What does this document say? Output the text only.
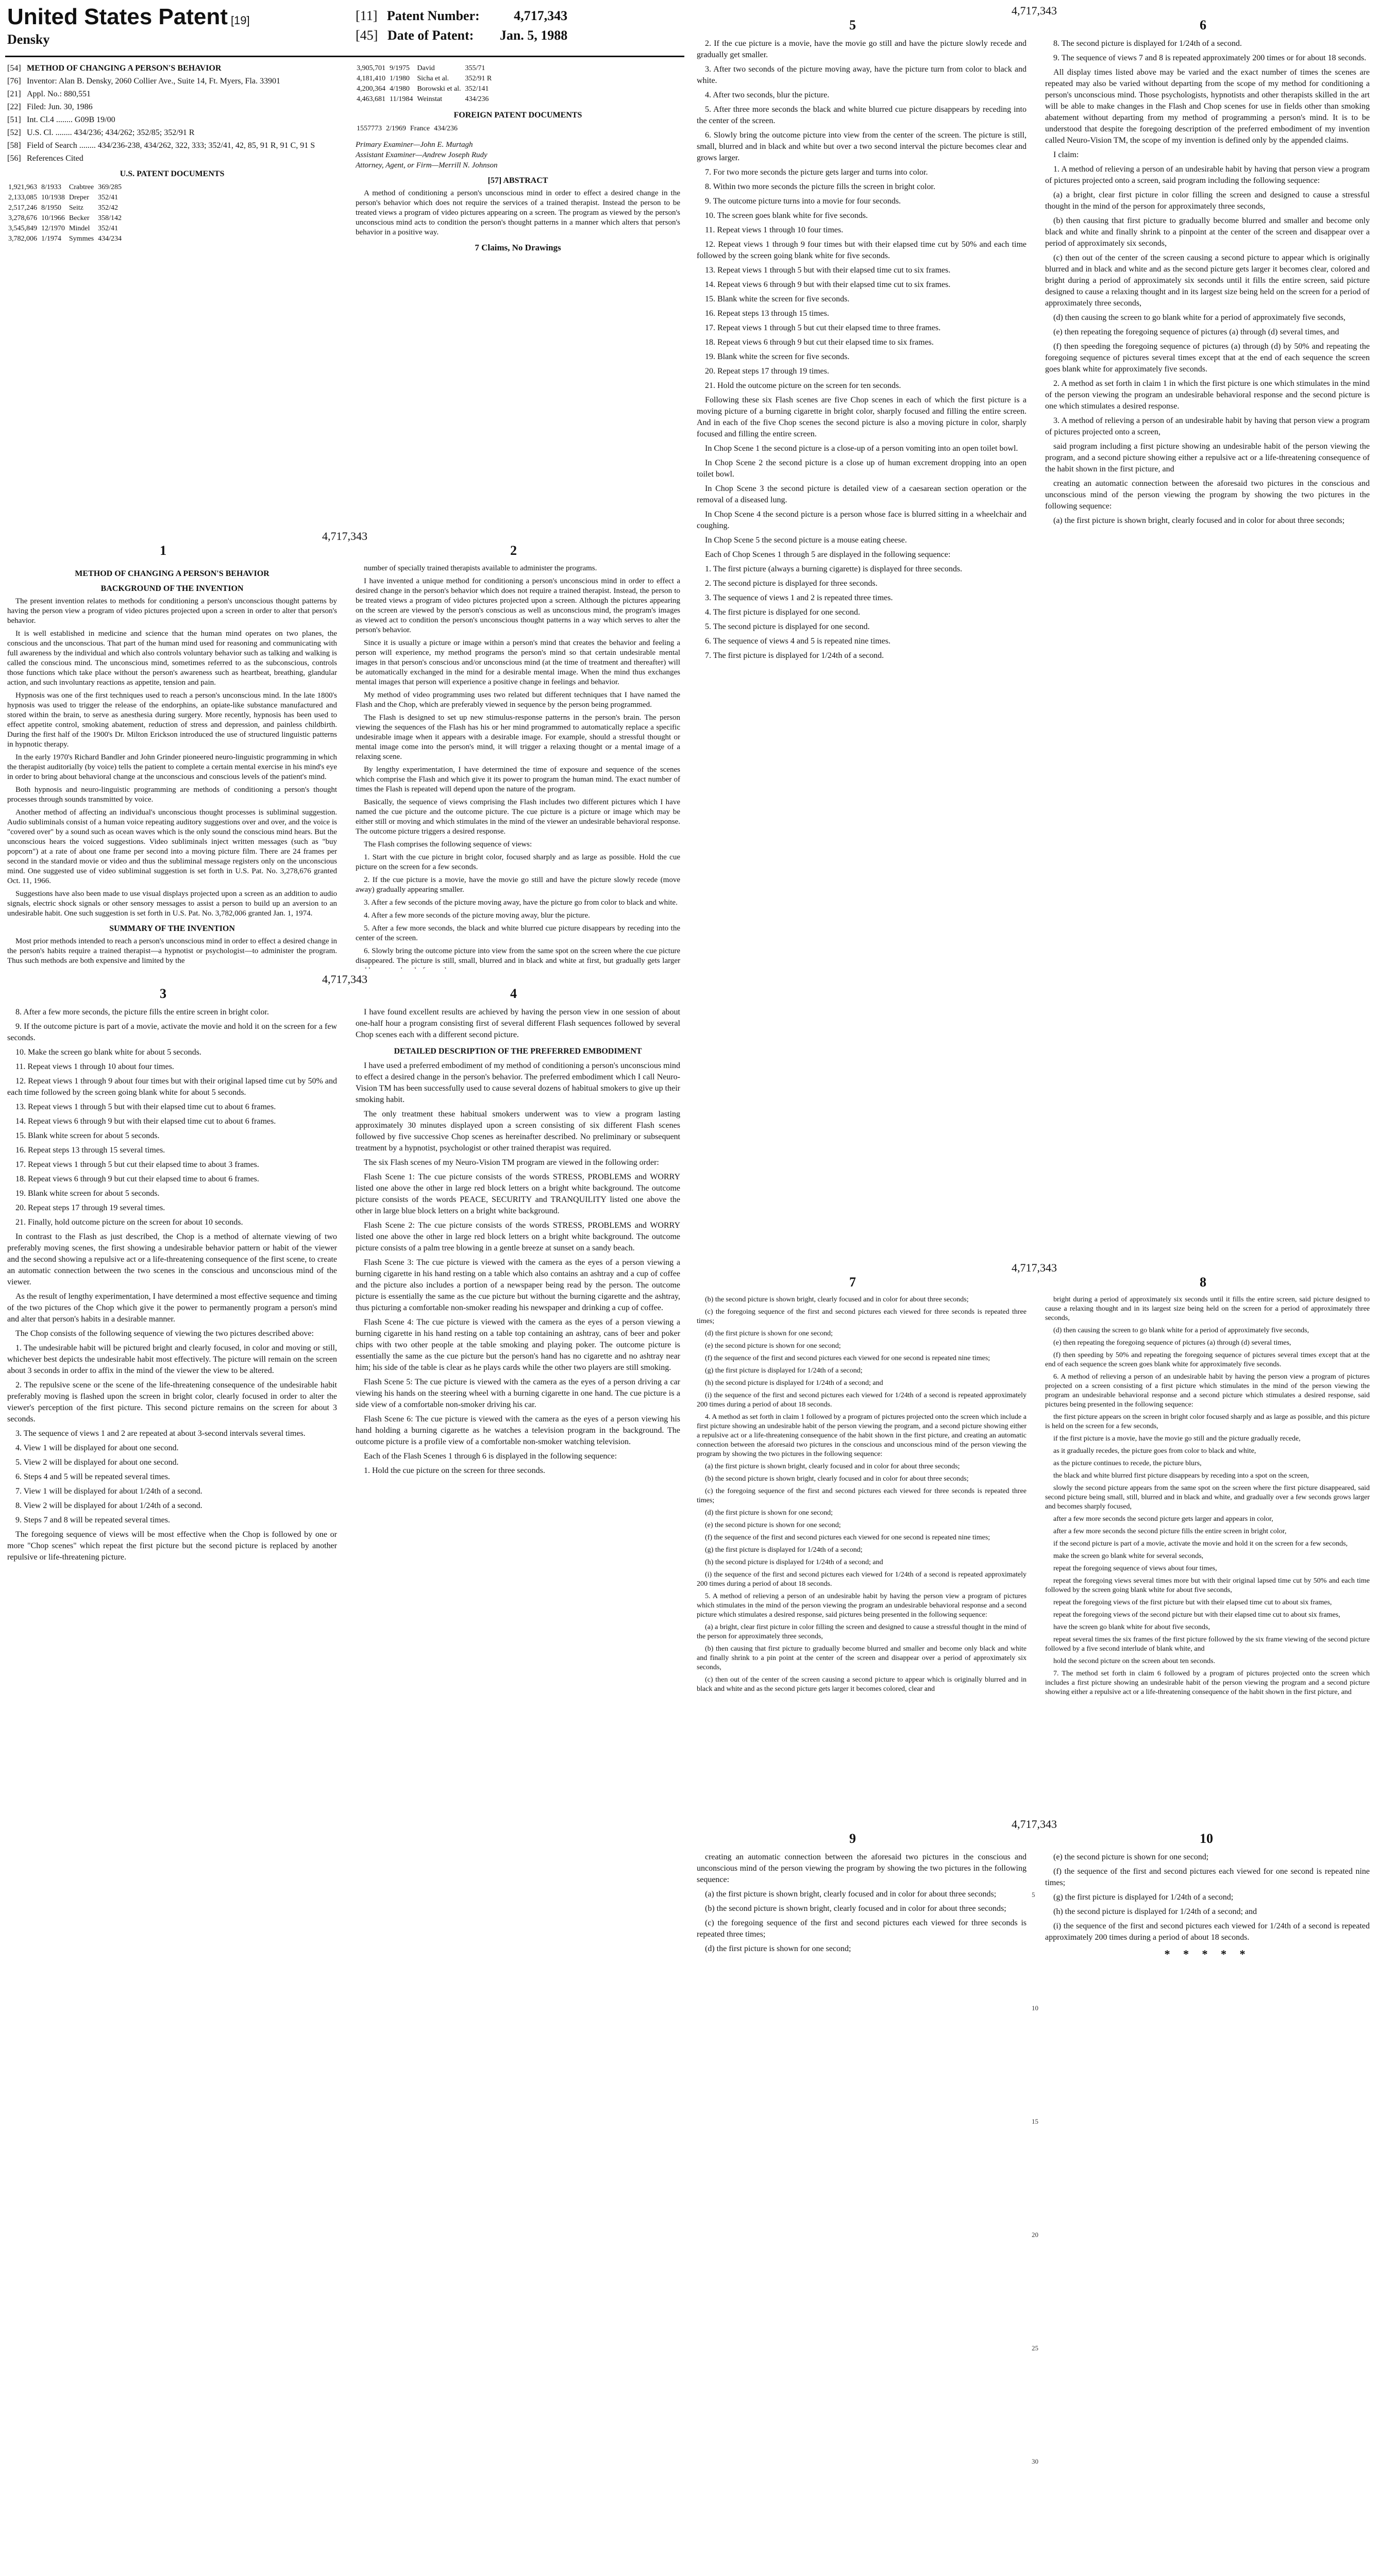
United States Patent [19]
Densky
[11] Patent Number:	4,717,343
[45] Date of Patent: Jan. 5, 1988
[54] METHOD OF CHANGING A PERSON'S BEHAVIOR
[76] Inventor: Alan B. Densky, 2060 Collier Ave., Suite 14, Ft. Myers, Fla. 33901
[21] Appl. No.: 880,551
[22] Filed: Jun. 30, 1986
[51] Int. Cl.4 ........ G09B 19/00
[52] U.S. Cl. ........ 434/236; 434/262; 352/85; 352/91 R
[58] Field of Search ........ 434/236-238, 434/262, 322, 333; 352/41, 42, 85, 91 R, 91 C, 91 S
[56] References Cited
U.S. PATENT DOCUMENTS
1,921,963	8/1933	Crabtree	369/285
2,133,085	10/1938	Dreper	352/41
2,517,246	8/1950	Seitz	352/42
3,278,676	10/1966	Becker	358/142
3,545,849	12/1970	Mindel	352/41
3,782,006	1/1974	Symmes	434/234
3,905,701	9/1975	David	355/71
4,181,410	1/1980	Sicha et al.	352/91 R
4,200,364	4/1980	Borowski et al.	352/141
4,463,681	11/1984	Weinstat	434/236
FOREIGN PATENT DOCUMENTS
1557773	2/1969	France	434/236
Primary Examiner—John E. Murtagh
Assistant Examiner—Andrew Joseph Rudy
Attorney, Agent, or Firm—Merrill N. Johnson
[57] ABSTRACT

A method of conditioning a person's unconscious mind in order to effect a desired change in the person's behavior which does not require the services of a trained therapist. Instead the person to be treated views a program of video pictures appearing on a screen. The program as viewed by the person's unconscious mind acts to condition the person's thought patterns in a manner which alters that person's behavior in a positive way.

7 Claims, No Drawings
4,717,343
1	2
METHOD OF CHANGING A PERSON'S BEHAVIOR
BACKGROUND OF THE INVENTION

The present invention relates to methods for conditioning a person's unconscious thought patterns by having the person view a program of video pictures projected upon a screen in order to alter that person's behavior.

It is well established in medicine and science that the human mind operates on two planes, the conscious and the unconscious. That part of the human mind used for reasoning and communicating with full awareness by the individual and which also controls voluntary behavior such as talking and walking is called the conscious mind. The unconscious mind, sometimes referred to as the subconscious, controls those functions which take place without the person's awareness such as heartbeat, breathing, glandular action, and such involuntary reactions as appetite, tension and pain.

Hypnosis was one of the first techniques used to reach a person's unconscious mind. In the late 1800's hypnosis was used to trigger the release of the endorphins, an opiate-like substance manufactured and stored within the brain, to serve as anesthesia during surgery. More recently, hypnosis has been used to effect appetite control, smoking abatement, reduction of stress and depression, and painless childbirth. During the first half of the 1900's Dr. Milton Erickson introduced the use of structured linguistic patterns in hypnotic therapy.

In the early 1970's Richard Bandler and John Grinder pioneered neuro-linguistic programming in which the therapist auditorially (by voice) tells the patient to complete a certain mental exercise in his mind's eye in order to bring about behavioral change at the unconscious and conscious levels of the patient's mind.

Both hypnosis and neuro-linguistic programming are methods of conditioning a person's thought processes through sounds transmitted by voice.

Another method of affecting an individual's unconscious thought processes is subliminal suggestion. Audio subliminals consist of a human voice repeating auditory suggestions over and over, and the voice is "covered over" by a sound such as ocean waves which is the only sound the conscious mind hears. But the unconscious hears the voiced suggestions. Video subliminals inject written messages (such as "buy popcorn") at a rate of about one frame per second into a moving picture film. There are 24 frames per second in the standard movie or video and thus the subliminal message registers only on the unconscious mind. One suggested use of video subliminal suggestion is set forth in U.S. Pat. No. 3,278,676 granted Oct. 11, 1966.

Suggestions have also been made to use visual displays projected upon a screen as an addition to audio signals, electric shock signals or other sensory messages to assist a person to build up an aversion to an undesirable habit. One such suggestion is set forth in U.S. Pat. No. 3,782,006 granted Jan. 1, 1974.

SUMMARY OF THE INVENTION

Most prior methods intended to reach a person's unconscious mind in order to effect a desired change in the person's habits require a trained therapist—a hypnotist or psychologist—to administer the program. Thus such methods are both expensive and limited by the

number of specially trained therapists available to administer the programs.

I have invented a unique method for conditioning a person's unconscious mind in order to effect a desired change in the person's behavior which does not require a trained therapist. Instead, the person to be treated views a program of video pictures projected upon a screen. Although the pictures appearing on the screen are viewed by the person's conscious as well as unconscious mind, the program's images as viewed act to condition the person's unconscious thought patterns in a way which serves to alter the person's behavior.

Since it is usually a picture or image within a person's mind that creates the behavior and feeling a person will experience, my method programs the person's mind so that certain undesirable mental images in that person's conscious and/or unconscious mind (at the time of treatment and thereafter) will be automatically exchanged in the mind for a desirable mental image. When the mind thus exchanges mental images that person will experience a positive change in feelings and behavior.

My method of video programming uses two related but different techniques that I have named the Flash and the Chop, which are preferably viewed in sequence by the person being programmed.

The Flash is designed to set up new stimulus-response patterns in the person's brain. The person viewing the sequences of the Flash has his or her mind programmed to automatically replace a specific undesirable image when it appears with a desirable image. For example, should a stressful thought or mental image come into the person's mind, it will trigger a relaxing thought or a mental image of a relaxing scene.

By lengthy experimentation, I have determined the time of exposure and sequence of the scenes which comprise the Flash and which give it its power to program the human mind. The exact number of times the Flash is repeated will depend upon the nature of the program.

Basically, the sequence of views comprising the Flash includes two different pictures which I have named the cue picture and the outcome picture. The cue picture is a picture or image which may be either still or moving and which stimulates in the mind of the viewer an undesirable behavioral response. The outcome picture triggers a desired response.

The Flash comprises the following sequence of views:

1. Start with the cue picture in bright color, focused sharply and as large as possible. Hold the cue picture on the screen for a few seconds.

2. If the cue picture is a movie, have the movie go still and have the picture slowly recede (move away) gradually appearing smaller.

3. After a few seconds of the picture moving away, have the picture go from color to black and white.

4. After a few more seconds of the picture moving away, blur the picture.

5. After a few more seconds, the black and white blurred cue picture disappears by receding into the center of the screen.

6. Slowly bring the outcome picture into view from the same spot on the screen where the cue picture disappeared. The picture is still, small, blurred and in black and white at first, but gradually gets larger

4,717,343
3	4

8. After a few more seconds, the picture fills the entire screen in bright color.

9. If the outcome picture is part of a movie, activate the movie and hold it on the screen for a few seconds.

10. Make the screen go blank white for about 5 seconds.

11. Repeat views 1 through 10 about four times.

12. Repeat views 1 through 9 about four times but with their original lapsed time cut by 50% and each time followed by the screen going blank white for about 5 seconds.

13. Repeat views 1 through 5 but with their elapsed time cut to about 6 frames.

14. Repeat views 6 through 9 but with their elapsed time cut to about 6 frames.

15. Blank white screen for about 5 seconds.

16. Repeat steps 13 through 15 several times.

17. Repeat views 1 through 5 but cut their elapsed time to about 3 frames.

18. Repeat views 6 through 9 but cut their elapsed time to about 6 frames.

19. Blank white screen for about 5 seconds.

20. Repeat steps 17 through 19 several times.

21. Finally, hold outcome picture on the screen for about 10 seconds.

In contrast to the Flash as just described, the Chop is a method of alternate viewing of two preferably moving scenes, the first showing a undesirable behavior pattern or habit of the viewer and the second showing a repulsive act or a life-threatening consequence of the first scene, to create an automatic connection between the two scenes in the conscious and unconscious mind of the viewer.

As the result of lengthy experimentation, I have determined a most effective sequence and timing of the two pictures of the Chop which give it the power to permanently program a person's mind and alter that person's habits in a desirable manner.

The Chop consists of the following sequence of viewing the two pictures described above:

1. The undesirable habit will be pictured bright and clearly focused, in color and moving or still, whichever best depicts the undesirable habit most effectively. The picture will remain on the screen about 3 seconds in order to affix in the mind of the viewer the view to be altered.

2. The repulsive scene or the scene of the life-threatening consequence of the undesirable habit preferably moving is flashed upon the screen in bright color, clearly focused in order to alter the viewer's perception of the first picture. This second picture remains on the screen for about 3 seconds.

3. The sequence of views 1 and 2 are repeated at about 3-second intervals several times.

4. View 1 will be displayed for about one second.

5. View 2 will be displayed for about one second.

6. Steps 4 and 5 will be repeated several times.

7. View 1 will be displayed for about 1/24th of a second.

8. View 2 will be displayed for about 1/24th of a second.

9. Steps 7 and 8 will be repeated several times.

The foregoing sequence of views will be most effective when the Chop is followed by one or more "Chop scenes" which repeat the first picture but the second picture is replaced by another repulsive or life-threatening picture.

I have found excellent results are achieved by having the person view in one session of about one-half hour a program consisting first of several different Flash sequences followed by several Chop scenes each with a different second picture.

DETAILED DESCRIPTION OF THE PREFERRED EMBODIMENT

I have used a preferred embodiment of my method of conditioning a person's unconscious mind to effect a desired change in the person's behavior. The preferred embodiment which I call Neuro-Vision TM has been successfully used to cause several dozens of habitual smokers to give up their smoking habit.

The only treatment these habitual smokers underwent was to view a program lasting approximately 30 minutes displayed upon a screen consisting of six different Flash scenes followed by five successive Chop scenes as hereinafter described. No preliminary or subsequent treatment by a hypnotist, psychologist or other trained therapist was required.

The six Flash scenes of my Neuro-Vision TM program are viewed in the following order:

Flash Scene 1: The cue picture consists of the words STRESS, PROBLEMS and WORRY listed one above the other in large red block letters on a bright white background. The outcome picture consists of the words PEACE, SECURITY and TRANQUILITY listed one above the other in large blue block letters on a bright white background.

Flash Scene 2: The cue picture consists of the words STRESS, PROBLEMS and WORRY listed one above the other in large red block letters on a bright white background. The outcome picture consists of a palm tree blowing in a gentle breeze at sunset on a sandy beach.

Flash Scene 3: The cue picture is viewed with the camera as the eyes of a person viewing a burning cigarette in his hand resting on a table which also contains an ashtray and a cup of coffee and the picture also includes a portion of a newspaper being read by the person. The outcome picture is essentially the same as the cue picture but without the burning cigarette and the ashtray, thus picturing a comfortable non-smoker reading his newspaper and drinking a cup of coffee.

Flash Scene 4: The cue picture is viewed with the camera as the eyes of a person viewing a burning cigarette in his hand resting on a table top containing an ashtray, cans of beer and poker chips with two other people at the table smoking and playing poker. The outcome picture is essentially the same as the cue picture but the person's hand has no cigarette and no ashtray near him; his side of the table is clear as he plays cards while the other two players are still smoking.

Flash Scene 5: The cue picture is viewed with the camera as the eyes of a person driving a car viewing his hands on the steering wheel with a burning cigarette in one hand. The cue picture is a side view of a comfortable non-smoker driving his car.

Flash Scene 6: The cue picture is viewed with the camera as the eyes of a person viewing his hand holding a burning cigarette as he watches a television program in the background. The outcome picture is a profile view of a comfortable non-smoker watching television.

Each of the Flash Scenes 1 through 6 is displayed in the following sequence:

1. Hold the cue picture on the screen for three seconds.

4,717,343
5	6

2. If the cue picture is a movie, have the movie go still and have the picture slowly recede and gradually get smaller.

3. After two seconds of the picture moving away, have the picture turn from color to black and white.

4. After two seconds, blur the picture.

5. After three more seconds the black and white blurred cue picture disappears by receding into the center of the screen.

6. Slowly bring the outcome picture into view from the center of the screen. The picture is still, small, blurred and in black and white but over a two second interval the picture becomes clear and grows larger.

7. For two more seconds the picture gets larger and turns into color.

8. Within two more seconds the picture fills the screen in bright color.

9. The outcome picture turns into a movie for four seconds.

10. The screen goes blank white for five seconds.

11. Repeat views 1 through 10 four times.

12. Repeat views 1 through 9 four times but with their elapsed time cut by 50% and each time followed by the screen going blank white for five seconds.

13. Repeat views 1 through 5 but with their elapsed time cut to six frames.

14. Repeat views 6 through 9 but with their elapsed time cut to six frames.

15. Blank white the screen for five seconds.

16. Repeat steps 13 through 15 times.

17. Repeat views 1 through 5 but cut their elapsed time to three frames.

18. Repeat views 6 through 9 but cut their elapsed time to six frames.

19. Blank white the screen for five seconds.

20. Repeat steps 17 through 19 times.

21. Hold the outcome picture on the screen for ten seconds.

Following these six Flash scenes are five Chop scenes in each of which the first picture is a moving picture of a burning cigarette in bright color, sharply focused and filling the entire screen. And in each of the five Chop scenes the second picture is also a moving picture in color, sharply focused and filling the entire screen.

In Chop Scene 1 the second picture is a close-up of a person vomiting into an open toilet bowl.

In Chop Scene 2 the second picture is a close up of human excrement dropping into an open toilet bowl.

In Chop Scene 3 the second picture is detailed view of a caesarean section operation or the removal of a diseased lung.

In Chop Scene 4 the second picture is a person whose face is blurred sitting in a wheelchair and coughing.

In Chop Scene 5 the second picture is a mouse eating cheese.

Each of Chop Scenes 1 through 5 are displayed in the following sequence:

1. The first picture (always a burning cigarette) is displayed for three seconds.

2. The second picture is displayed for three seconds.

3. The sequence of views 1 and 2 is repeated three times.

4. The first picture is displayed for one second.

5. The second picture is displayed for one second.

6. The sequence of views 4 and 5 is repeated nine times.

7. The first picture is displayed for 1/24th of a second.

8. The second picture is displayed for 1/24th of a second.

9. The sequence of views 7 and 8 is repeated approximately 200 times or for about 18 seconds.

All display times listed above may be varied and the exact number of times the scenes are repeated may also be varied without departing from the scope of my method for conditioning a person's unconscious mind. Those psychologists, hypnotists and other therapists skilled in the art will be able to make changes in the Flash and Chop scenes for use in fields other than smoking abatement without departing from my method of programming a person's mind. It is to be understood that despite the foregoing description of the preferred embodiment of my invention called Neuro-Vision TM, the scope of my invention is defined only by the appended claims.

I claim:

1. A method of relieving a person of an undesirable habit by having that person view a program of pictures projected onto a screen, said program including the following sequence:

(a) a bright, clear first picture in color filling the screen and designed to cause a stressful thought in the mind of the person for approximately three seconds,

(b) then causing that first picture to gradually become blurred and smaller and become only black and white and finally shrink to a pinpoint at the center of the screen and disappear over a period of approximately six seconds,

(c) then out of the center of the screen causing a second picture to appear which is originally blurred and in black and white and as the second picture gets larger it becomes clear, colored and bright during a period of approximately six seconds until it fills the entire screen, said picture designed to cause a relaxing thought and in its largest size being held on the screen for a period of approximately three seconds,

(d) then causing the screen to go blank white for a period of approximately five seconds,

(e) then repeating the foregoing sequence of pictures (a) through (d) several times, and

(f) then speeding the foregoing sequence of pictures (a) through (d) by 50% and repeating the foregoing sequence of pictures several times except that at the end of each sequence the screen goes blank white for approximately five seconds.

2. A method as set forth in claim 1 in which the first picture is one which stimulates in the mind of the person viewing the program an undesirable behavioral response and the second picture is one which stimulates a desired response.

3. A method of relieving a person of an undesirable habit by having that person view a program of pictures projected onto a screen,

said program including a first picture showing an undesirable habit of the person viewing the program, and a second picture showing either a repulsive act or a life-threatening consequence of the habit shown in the first picture, and

creating an automatic connection between the aforesaid two pictures in the conscious and unconscious mind of the person viewing the program by showing the two pictures in the following sequence:

(a) the first picture is shown bright, clearly focused and in color for about three seconds;

4,717,343
7	8

(b) the second picture is shown bright, clearly focused and in color for about three seconds;

(c) the foregoing sequence of the first and second pictures each viewed for three seconds is repeated three times;

(d) the first picture is shown for one second;

(e) the second picture is shown for one second;

(f) the sequence of the first and second pictures each viewed for one second is repeated nine times;

(g) the first picture is displayed for 1/24th of a second;

(h) the second picture is displayed for 1/24th of a second; and

(i) the sequence of the first and second pictures each viewed for 1/24th of a second is repeated approximately 200 times during a period of about 18 seconds.

4. A method as set forth in claim 1 followed by a program of pictures projected onto the screen which include a first picture showing an undesirable habit of the person viewing the program, and a second picture showing either a repulsive act or a life-threatening consequence of the habit shown in the first picture, and creating an automatic connection between the aforesaid two pictures in the conscious and unconscious mind of the person viewing the program by showing the two pictures in the following sequence:

(a) the first picture is shown bright, clearly focused and in color for about three seconds;

(b) the second picture is shown bright, clearly focused and in color for about three seconds;

(c) the foregoing sequence of the first and second pictures each viewed for three seconds is repeated three times;

(d) the first picture is shown for one second;

(e) the second picture is shown for one second;

(f) the sequence of the first and second pictures each viewed for one second is repeated nine times;

(g) the first picture is displayed for 1/24th of a second;

(h) the second picture is displayed for 1/24th of a second; and

(i) the sequence of the first and second pictures each viewed for 1/24th of a second is repeated approximately 200 times during a period of about 18 seconds.

5. A method of relieving a person of an undesirable habit by having the person view a program of pictures which stimulates in the mind of the person viewing the program an undesirable behavioral response and a second picture which stimulates a desired response, said pictures being presented in the following sequence:

(a) a bright, clear first picture in color filling the screen and designed to cause a stressful thought in the mind of the person for approximately three seconds,

(b) then causing that first picture to gradually become blurred and smaller and become only black and white and finally shrink to a pin point at the center of the screen and disappear over a period of approximately six seconds,

(c) then out of the center of the screen causing a second picture to appear which is originally blurred and in black and white and as the second picture gets larger it becomes colored, clear and

bright during a period of approximately six seconds until it fills the entire screen, said picture designed to cause a relaxing thought and in its largest size being held on the screen for a period of approximately three seconds,

(d) then causing the screen to go blank white for a period of approximately five seconds,

(e) then repeating the foregoing sequence of pictures (a) through (d) several times,

(f) then speeding by 50% and repeating the foregoing sequence of pictures several times except that at the end of each sequence the screen goes blank white for approximately five seconds.

6. A method of relieving a person of an undesirable habit by having the person view a program of pictures projected on a screen consisting of a first picture which stimulates in the mind of the person viewing the program an undesirable behavioral response and a second picture which stimulates a desired response, said pictures being presented in the following sequence:

the first picture appears on the screen in bright color focused sharply and as large as possible, and this picture is held on the screen for a few seconds,

if the first picture is a movie, have the movie go still and the picture gradually recede,

as it gradually recedes, the picture goes from color to black and white,

as the picture continues to recede, the picture blurs,

the black and white blurred first picture disappears by receding into a spot on the screen,

slowly the second picture appears from the same spot on the screen where the first picture disappeared, said second picture being small, still, blurred and in black and white, and gradually over a few seconds grows larger and becomes sharply focused,

after a few more seconds the second picture gets larger and appears in color,

after a few more seconds the second picture fills the entire screen in bright color,

if the second picture is part of a movie, activate the movie and hold it on the screen for a few seconds,

make the screen go blank white for several seconds,

repeat the foregoing sequence of views about four times,

repeat the foregoing views several times more but with their original lapsed time cut by 50% and each time followed by the screen going blank white for about five seconds,

repeat the foregoing views of the first picture but with their elapsed time cut to about six frames,

repeat the foregoing views of the second picture but with their elapsed time cut to about six frames,

have the screen go blank white for about five seconds,

repeat several times the six frames of the first picture followed by the six frame viewing of the second picture followed by a five second interlude of blank white, and

hold the second picture on the screen about ten seconds.

7. The method set forth in claim 6 followed by a program of pictures projected onto the screen which includes a first picture showing an undesirable habit of the person viewing the program and a second picture showing either a repulsive act or a life-threatening consequence of the habit shown in the first picture, and

4,717,343
9	10

creating an automatic connection between the aforesaid two pictures in the conscious and unconscious mind of the person viewing the program by showing the two pictures in the following sequence:

(a) the first picture is shown bright, clearly focused and in color for about three seconds;

(b) the second picture is shown bright, clearly focused and in color for about three seconds;

(c) the foregoing sequence of the first and second pictures each viewed for three seconds is repeated three times;

(d) the first picture is shown for one second;

(e) the second picture is shown for one second;

(f) the sequence of the first and second pictures each viewed for one second is repeated nine times;

(g) the first picture is displayed for 1/24th of a second;

(h) the second picture is displayed for 1/24th of a second; and

(i) the sequence of the first and second pictures each viewed for 1/24th of a second is repeated approximately 200 times during a period of about 18 seconds.

* * * * *
5
10
15
20
25
30
